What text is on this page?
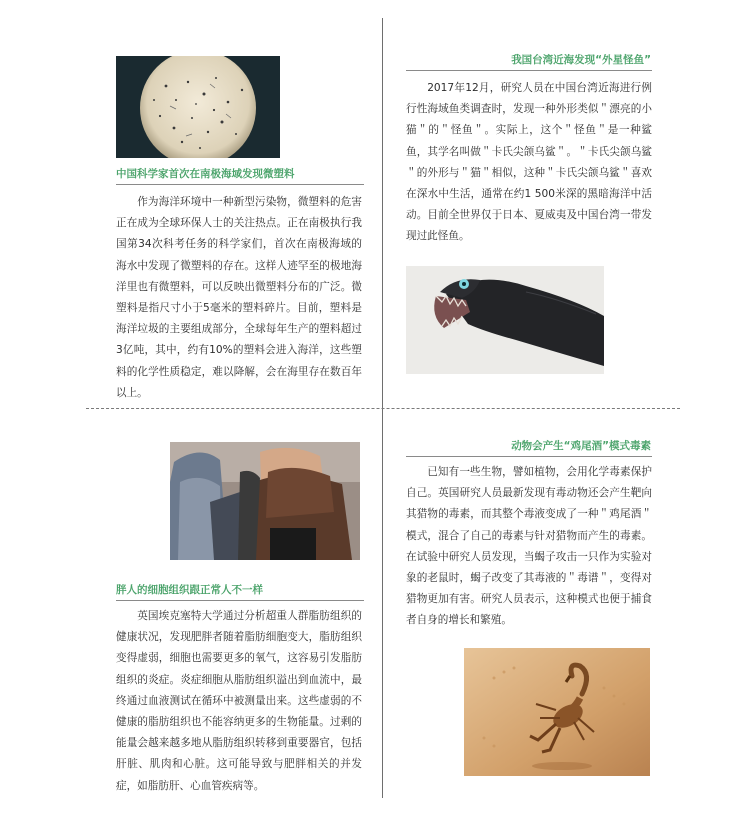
中国科学家首次在南极海域发现微塑料

作为海洋环境中一种新型污染物，微塑料的危害正在成为全球环保人士的关注热点。正在南极执行我国第34次科考任务的科学家们，首次在南极海域的海水中发现了微塑料的存在。这样人迹罕至的极地海洋里也有微塑料，可以反映出微塑料分布的广泛。微塑料是指尺寸小于5毫米的塑料碎片。目前，塑料是海洋垃圾的主要组成部分，全球每年生产的塑料超过3亿吨，其中，约有10%的塑料会进入海洋，这些塑料的化学性质稳定，难以降解，会在海里存在数百年以上。

我国台湾近海发现“外星怪鱼”

2017年12月，研究人员在中国台湾近海进行例行性海域鱼类调查时，发现一种外形类似＂漂亮的小猫＂的＂怪鱼＂。实际上，这个＂怪鱼＂是一种鲨鱼，其学名叫做＂卡氏尖颌乌鲨＂。＂卡氏尖颌乌鲨＂的外形与＂猫＂相似，这种＂卡氏尖颌乌鲨＂喜欢在深水中生活，通常在约1 500米深的黑暗海洋中活动。目前全世界仅于日本、夏威夷及中国台湾一带发现过此怪鱼。

胖人的细胞组织跟正常人不一样

英国埃克塞特大学通过分析超重人群脂肪组织的健康状况，发现肥胖者随着脂肪细胞变大，脂肪组织变得虚弱，细胞也需要更多的氧气，这容易引发脂肪组织的炎症。炎症细胞从脂肪组织溢出到血流中，最终通过血液测试在循环中被测量出来。这些虚弱的不健康的脂肪组织也不能容纳更多的生物能量。过剩的能量会越来越多地从脂肪组织转移到重要器官，包括肝脏、肌肉和心脏。这可能导致与肥胖相关的并发症，如脂肪肝、心血管疾病等。

动物会产生“鸡尾酒”模式毒素

已知有一些生物，譬如植物，会用化学毒素保护自己。英国研究人员最新发现有毒动物还会产生靶向其猎物的毒素，而其整个毒液变成了一种＂鸡尾酒＂模式，混合了自己的毒素与针对猎物而产生的毒素。在试验中研究人员发现，当蝎子攻击一只作为实验对象的老鼠时，蝎子改变了其毒液的＂毒谱＂，变得对猎物更加有害。研究人员表示，这种模式也便于捕食者自身的增长和繁殖。
